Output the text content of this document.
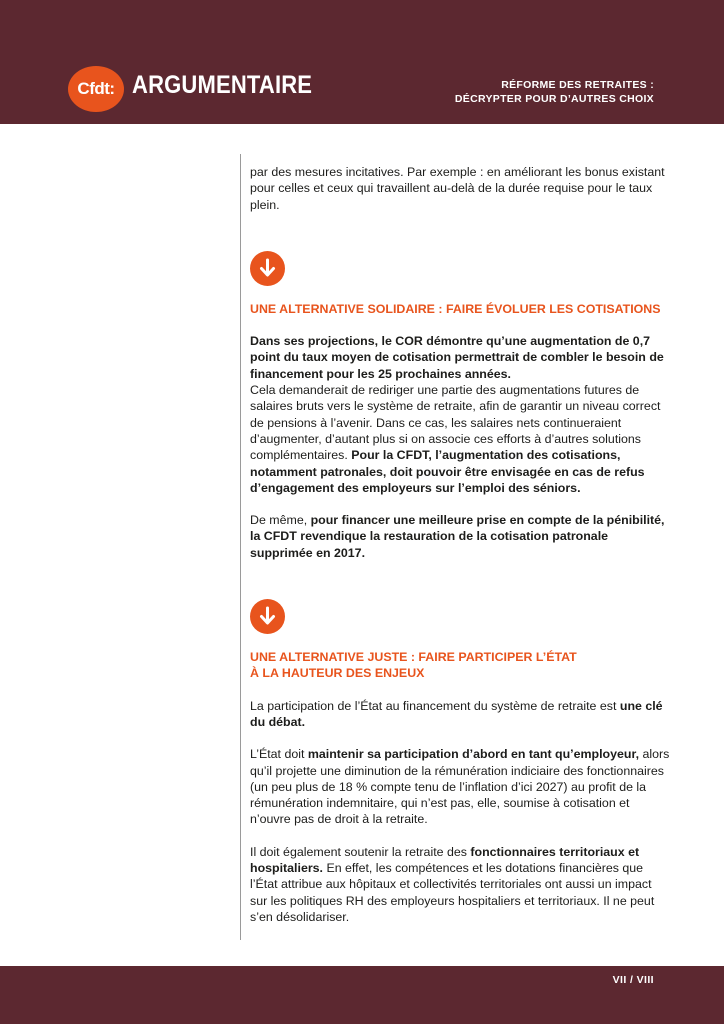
Cfdt: ARGUMENTAIRE	RÉFORME DES RETRAITES :
DÉCRYPTER POUR D’AUTRES CHOIX

par des mesures incitatives. Par exemple : en améliorant les bonus existant pour celles et ceux qui travaillent au-delà de la durée requise pour le taux plein.

UNE ALTERNATIVE SOLIDAIRE : FAIRE ÉVOLUER LES COTISATIONS

Dans ses projections, le COR démontre qu’une augmentation de 0,7 point du taux moyen de cotisation permettrait de combler le besoin de financement pour les 25 prochaines années.
Cela demanderait de rediriger une partie des augmentations futures de salaires bruts vers le système de retraite, afin de garantir un niveau correct de pensions à l’avenir. Dans ce cas, les salaires nets continueraient d’augmenter, d’autant plus si on associe ces efforts à d’autres solutions complémentaires. Pour la CFDT, l’augmentation des cotisations, notamment patronales, doit pouvoir être envisagée en cas de refus d’engagement des employeurs sur l’emploi des séniors.

De même, pour financer une meilleure prise en compte de la pénibilité, la CFDT revendique la restauration de la cotisation patronale supprimée en 2017.

UNE ALTERNATIVE JUSTE : FAIRE PARTICIPER L’ÉTAT
À LA HAUTEUR DES ENJEUX

La participation de l’État au financement du système de retraite est une clé du débat.

L’État doit maintenir sa participation d’abord en tant qu’employeur, alors qu’il projette une diminution de la rémunération indiciaire des fonctionnaires (un peu plus de 18 % compte tenu de l’inflation d’ici 2027) au profit de la rémunération indemnitaire, qui n’est pas, elle, soumise à cotisation et n’ouvre pas de droit à la retraite.

Il doit également soutenir la retraite des fonctionnaires territoriaux et hospitaliers. En effet, les compétences et les dotations financières que l’État attribue aux hôpitaux et collectivités territoriales ont aussi un impact sur les politiques RH des employeurs hospitaliers et territoriaux. Il ne peut s’en désolidariser.

VII / VIII
